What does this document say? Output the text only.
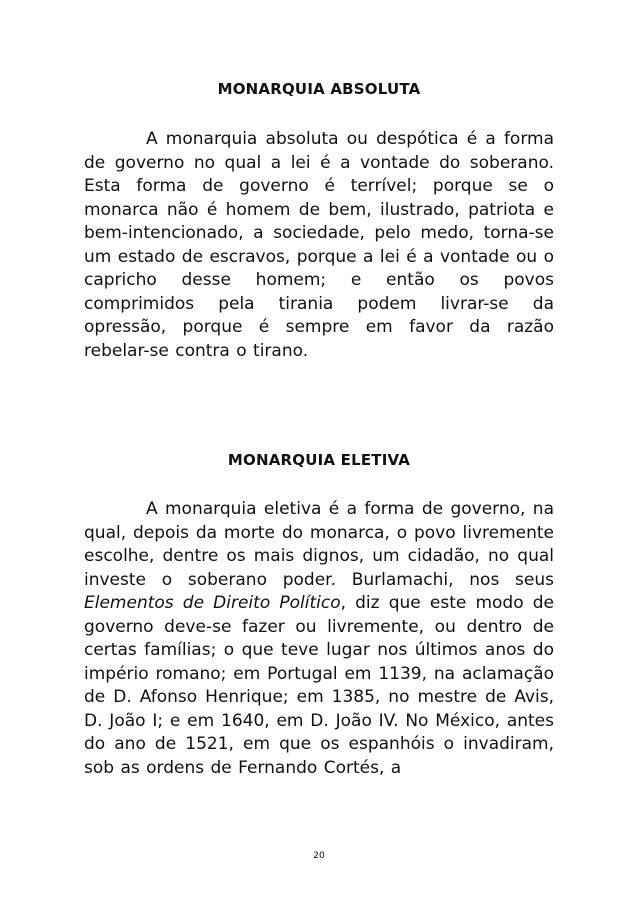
MONARQUIA ABSOLUTA

A monarquia absoluta ou despótica é a forma de governo no qual a lei é a vontade do soberano. Esta forma de governo é terrível; porque se o monarca não é homem de bem, ilustrado, patriota e bem-intencionado, a sociedade, pelo medo, torna-se um estado de escravos, porque a lei é a vontade ou o capricho desse homem; e então os povos comprimidos pela tirania podem livrar-se da opressão, porque é sempre em favor da razão rebelar-se contra o tirano.

MONARQUIA ELETIVA

A monarquia eletiva é a forma de governo, na qual, depois da morte do monarca, o povo livremente escolhe, dentre os mais dignos, um cidadão, no qual investe o soberano poder. Burlamachi, nos seus Elementos de Direito Político, diz que este modo de governo deve-se fazer ou livremente, ou dentro de certas famílias; o que teve lugar nos últimos anos do império romano; em Portugal em 1139, na aclamação de D. Afonso Henrique; em 1385, no mestre de Avis, D. João I; e em 1640, em D. João IV. No México, antes do ano de 1521, em que os espanhóis o invadiram, sob as ordens de Fernando Cortés, a

20
